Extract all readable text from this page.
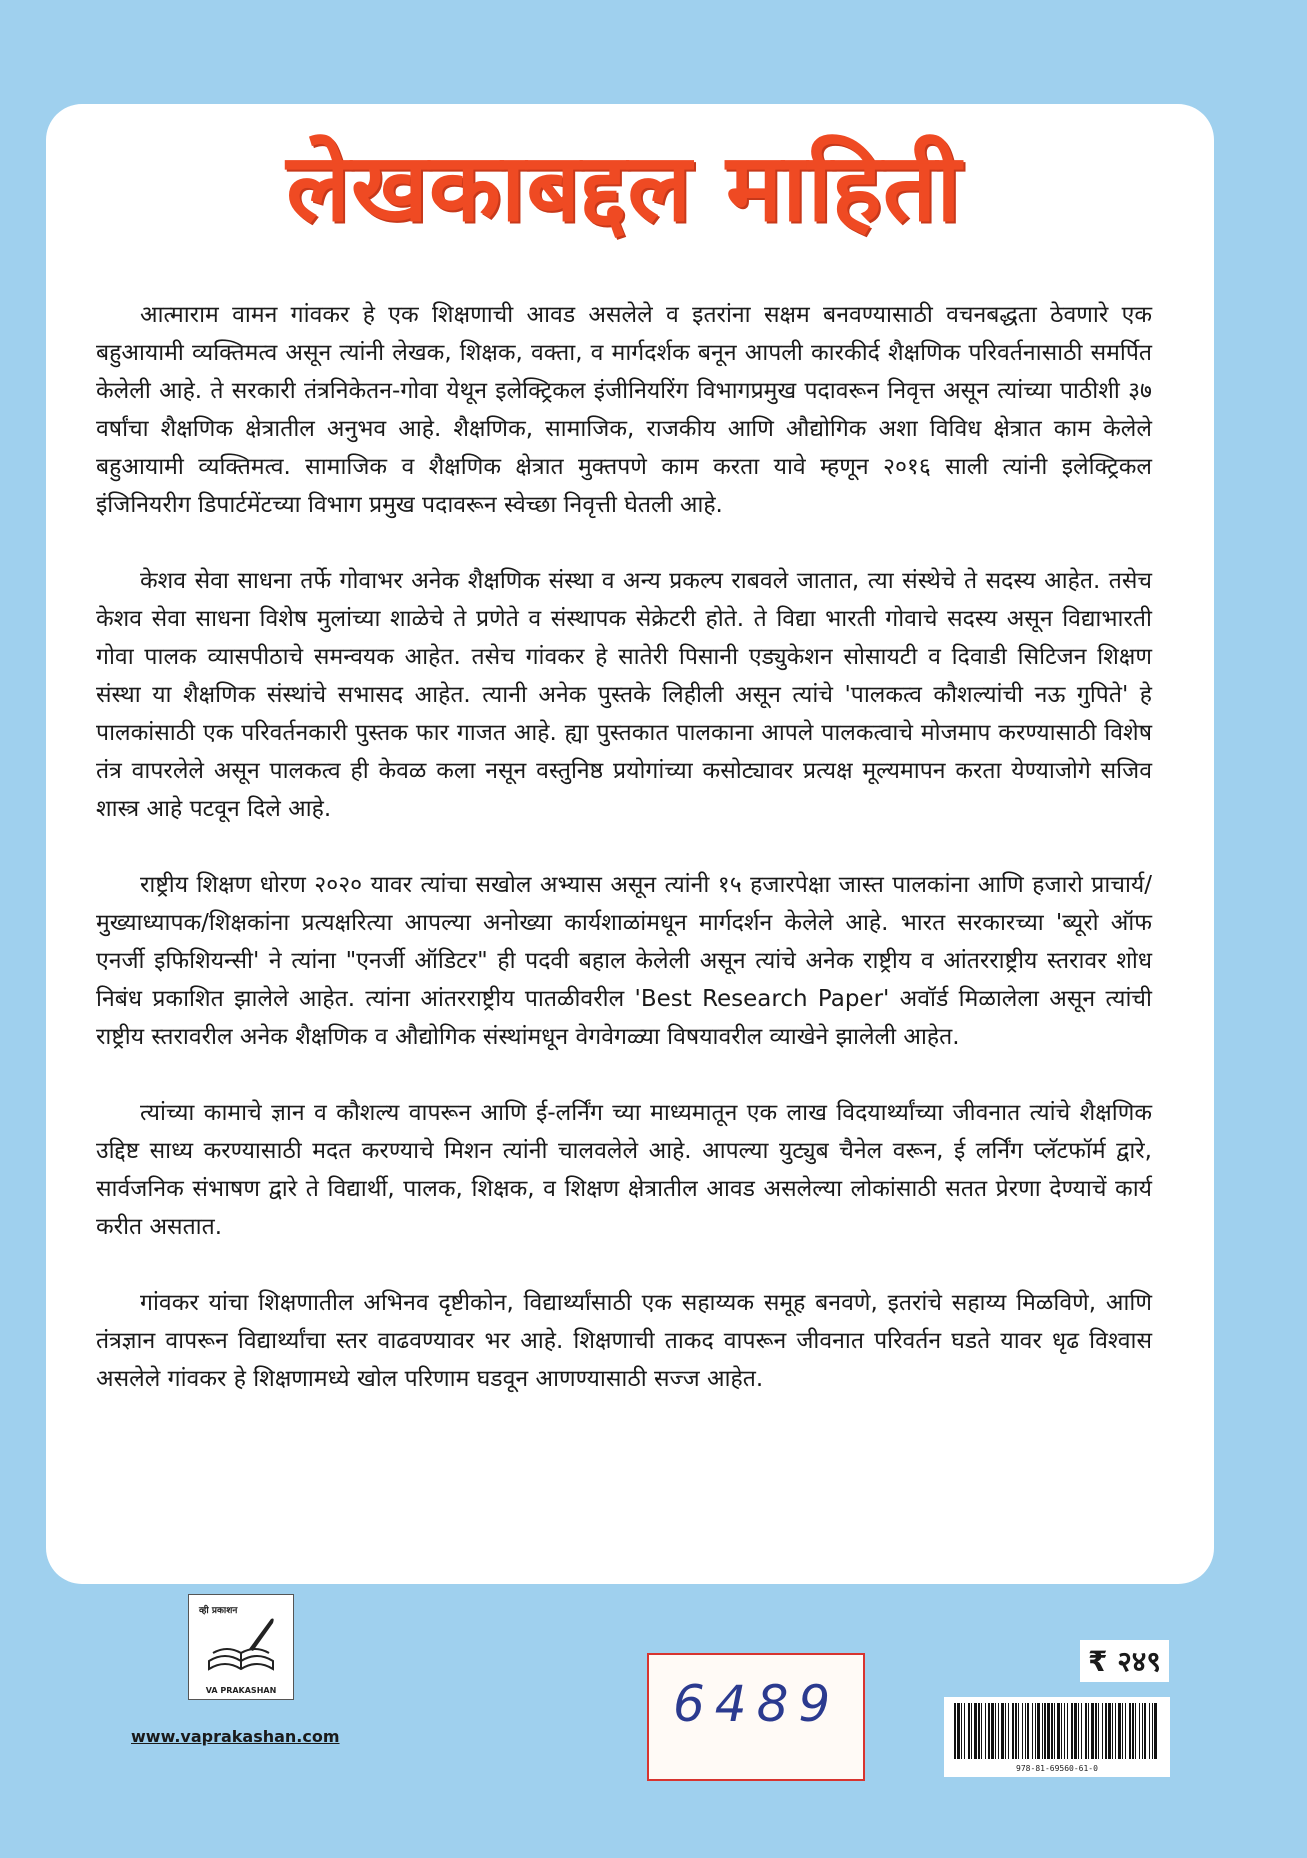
लेखकाबद्दल माहिती

आत्माराम वामन गांवकर हे एक शिक्षणाची आवड असलेले व इतरांना सक्षम बनवण्यासाठी वचनबद्धता ठेवणारे एक बहुआयामी व्यक्तिमत्व असून त्यांनी लेखक, शिक्षक, वक्ता, व मार्गदर्शक बनून आपली कारकीर्द शैक्षणिक परिवर्तनासाठी समर्पित केलेली आहे. ते सरकारी तंत्रनिकेतन-गोवा येथून इलेक्ट्रिकल इंजीनियरिंग विभागप्रमुख पदावरून निवृत्त असून त्यांच्या पाठीशी ३७ वर्षांचा शैक्षणिक क्षेत्रातील अनुभव आहे. शैक्षणिक, सामाजिक, राजकीय आणि औद्योगिक अशा विविध क्षेत्रात काम केलेले बहुआयामी व्यक्तिमत्व. सामाजिक व शैक्षणिक क्षेत्रात मुक्तपणे काम करता यावे म्हणून २०१६ साली त्यांनी इलेक्ट्रिकल इंजिनियरीग डिपार्टमेंटच्या विभाग प्रमुख पदावरून स्वेच्छा निवृत्ती घेतली आहे.

केशव सेवा साधना तर्फे गोवाभर अनेक शैक्षणिक संस्था व अन्य प्रकल्प राबवले जातात, त्या संस्थेचे ते सदस्य आहेत. तसेच केशव सेवा साधना विशेष मुलांच्या शाळेचे ते प्रणेते व संस्थापक सेक्रेटरी होते. ते विद्या भारती गोवाचे सदस्य असून विद्याभारती गोवा पालक व्यासपीठाचे समन्वयक आहेत. तसेच गांवकर हे सातेरी पिसानी एड्युकेशन सोसायटी व दिवाडी सिटिजन शिक्षण संस्था या शैक्षणिक संस्थांचे सभासद आहेत. त्यानी अनेक पुस्तके लिहीली असून त्यांचे 'पालकत्व कौशल्यांची नऊ गुपिते' हे पालकांसाठी एक परिवर्तनकारी पुस्तक फार गाजत आहे. ह्या पुस्तकात पालकाना आपले पालकत्वाचे मोजमाप करण्यासाठी विशेष तंत्र वापरलेले असून पालकत्व ही केवळ कला नसून वस्तुनिष्ठ प्रयोगांच्या कसोट्यावर प्रत्यक्ष मूल्यमापन करता येण्याजोगे सजिव शास्त्र आहे पटवून दिले आहे.

राष्ट्रीय शिक्षण धोरण २०२० यावर त्यांचा सखोल अभ्यास असून त्यांनी १५ हजारपेक्षा जास्त पालकांना आणि हजारो प्राचार्य/मुख्याध्यापक/शिक्षकांना प्रत्यक्षरित्या आपल्या अनोख्या कार्यशाळांमधून मार्गदर्शन केलेले आहे. भारत सरकारच्या 'ब्यूरो ऑफ एनर्जी इफिशियन्सी' ने त्यांना "एनर्जी ऑडिटर" ही पदवी बहाल केलेली असून त्यांचे अनेक राष्ट्रीय व आंतरराष्ट्रीय स्तरावर शोध निबंध प्रकाशित झालेले आहेत. त्यांना आंतरराष्ट्रीय पातळीवरील 'Best Research Paper' अवॉर्ड मिळालेला असून त्यांची राष्ट्रीय स्तरावरील अनेक शैक्षणिक व औद्योगिक संस्थांमधून वेगवेगळ्या विषयावरील व्याखेने झालेली आहेत.

त्यांच्या कामाचे ज्ञान व कौशल्य वापरून आणि ई-लर्निंग च्या माध्यमातून एक लाख विदयार्थ्यांच्या जीवनात त्यांचे शैक्षणिक उद्दिष्ट साध्य करण्यासाठी मदत करण्याचे मिशन त्यांनी चालवलेले आहे. आपल्या युट्युब चैनेल वरून, ई लर्निंग प्लॅटफॉर्म द्वारे, सार्वजनिक संभाषण द्वारे ते विद्यार्थी, पालक, शिक्षक, व शिक्षण क्षेत्रातील आवड असलेल्या लोकांसाठी सतत प्रेरणा देण्याचें कार्य करीत असतात.

गांवकर यांचा शिक्षणातील अभिनव दृष्टीकोन, विद्यार्थ्यांसाठी एक सहाय्यक समूह बनवणे, इतरांचे सहाय्य मिळविणे, आणि तंत्रज्ञान वापरून विद्यार्थ्यांचा स्तर वाढवण्यावर भर आहे. शिक्षणाची ताकद वापरून जीवनात परिवर्तन घडते यावर धृढ विश्वास असलेले गांवकर हे शिक्षणामध्ये खोल परिणाम घडवून आणण्यासाठी सज्ज आहेत.

व्ही प्रकाशन
VA PRAKASHAN
www.vaprakashan.com
6489
₹ २४९
978-81-69560-61-0
